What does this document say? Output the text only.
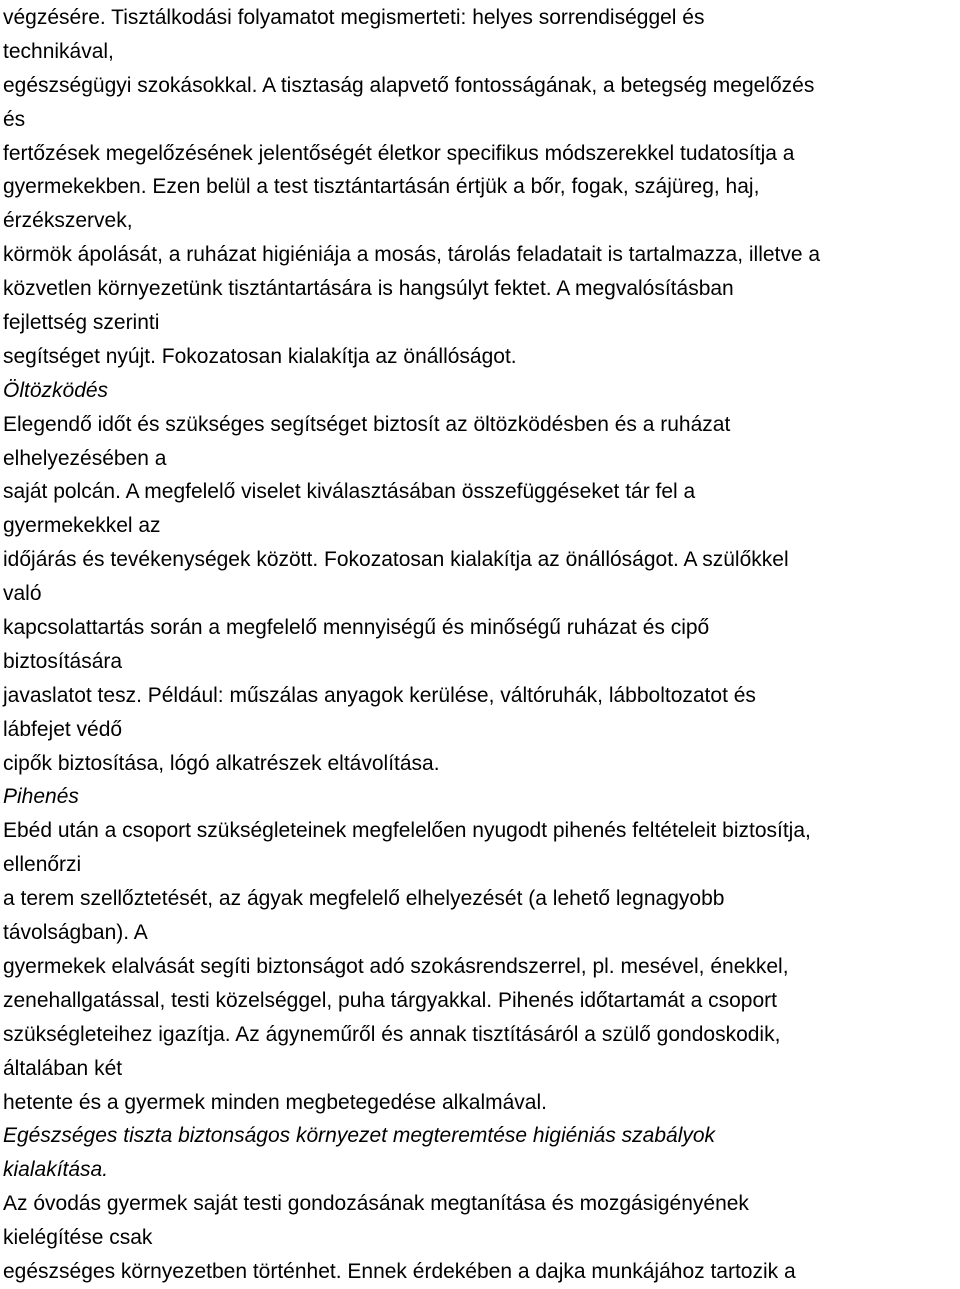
végzésére. Tisztálkodási folyamatot megismerteti: helyes sorrendiséggel és
technikával,
egészségügyi szokásokkal. A tisztaság alapvető fontosságának, a betegség megelőzés
és
fertőzések megelőzésének jelentőségét életkor specifikus módszerekkel tudatosítja a
gyermekekben. Ezen belül a test tisztántartásán értjük a bőr, fogak, szájüreg, haj,
érzékszervek,
körmök ápolását, a ruházat higiéniája a mosás, tárolás feladatait is tartalmazza, illetve a
közvetlen környezetünk tisztántartására is hangsúlyt fektet. A megvalósításban
fejlettség szerinti
segítséget nyújt. Fokozatosan kialakítja az önállóságot.
Öltözködés
Elegendő időt és szükséges segítséget biztosít az öltözködésben és a ruházat
elhelyezésében a
saját polcán. A megfelelő viselet kiválasztásában összefüggéseket tár fel a
gyermekekkel az
időjárás és tevékenységek között. Fokozatosan kialakítja az önállóságot. A szülőkkel
való
kapcsolattartás során a megfelelő mennyiségű és minőségű ruházat és cipő
biztosítására
javaslatot tesz. Például: műszálas anyagok kerülése, váltóruhák, lábboltozatot és
lábfejet védő
cipők biztosítása, lógó alkatrészek eltávolítása.
Pihenés
Ebéd után a csoport szükségleteinek megfelelően nyugodt pihenés feltételeit biztosítja,
ellenőrzi
a terem szellőztetését, az ágyak megfelelő elhelyezését (a lehető legnagyobb
távolságban). A
gyermekek elalvását segíti biztonságot adó szokásrendszerrel, pl. mesével, énekkel,
zenehallgatással, testi közelséggel, puha tárgyakkal. Pihenés időtartamát a csoport
szükségleteihez igazítja. Az ágyneműről és annak tisztításáról a szülő gondoskodik,
általában két
hetente és a gyermek minden megbetegedése alkalmával.
Egészséges tiszta biztonságos környezet megteremtése higiéniás szabályok
kialakítása.
Az óvodás gyermek saját testi gondozásának megtanítása és mozgásigényének
kielégítése csak
egészséges környezetben történhet. Ennek érdekében a dajka munkájához tartozik a
